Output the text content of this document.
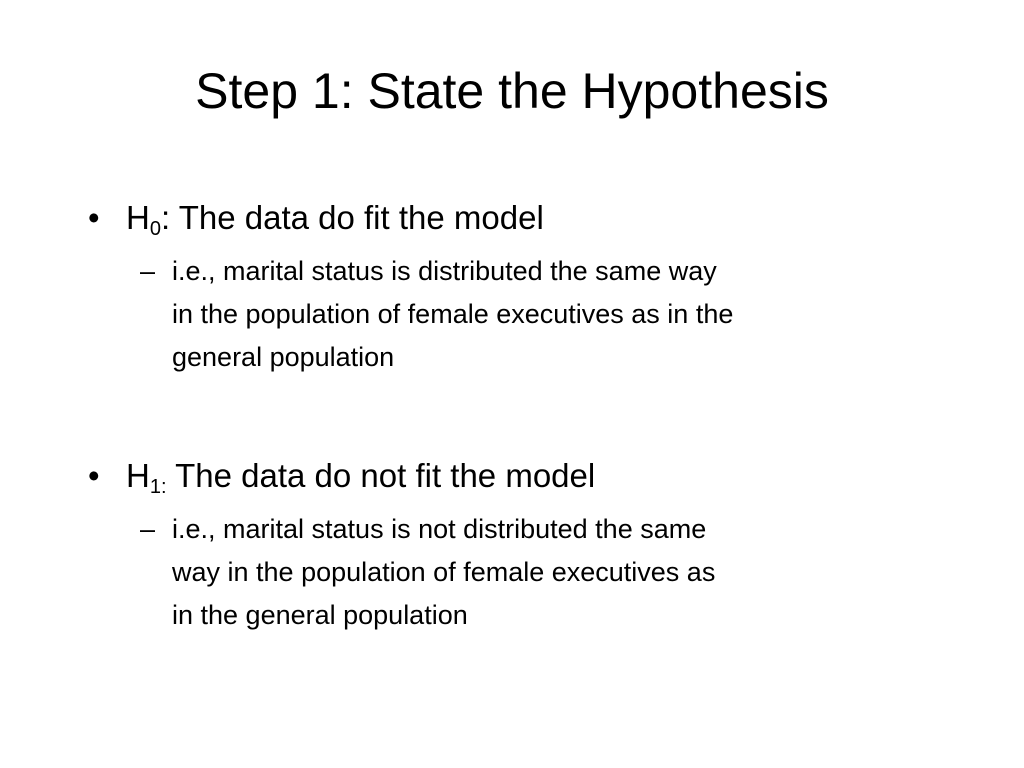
Step 1: State the Hypothesis
• $H_0$: The data do fit the model
– i.e., marital status is distributed the same way
in the population of female executives as in the
general population
• $H_{1:}$ The data do not fit the model
– i.e., marital status is not distributed the same
way in the population of female executives as
in the general population
